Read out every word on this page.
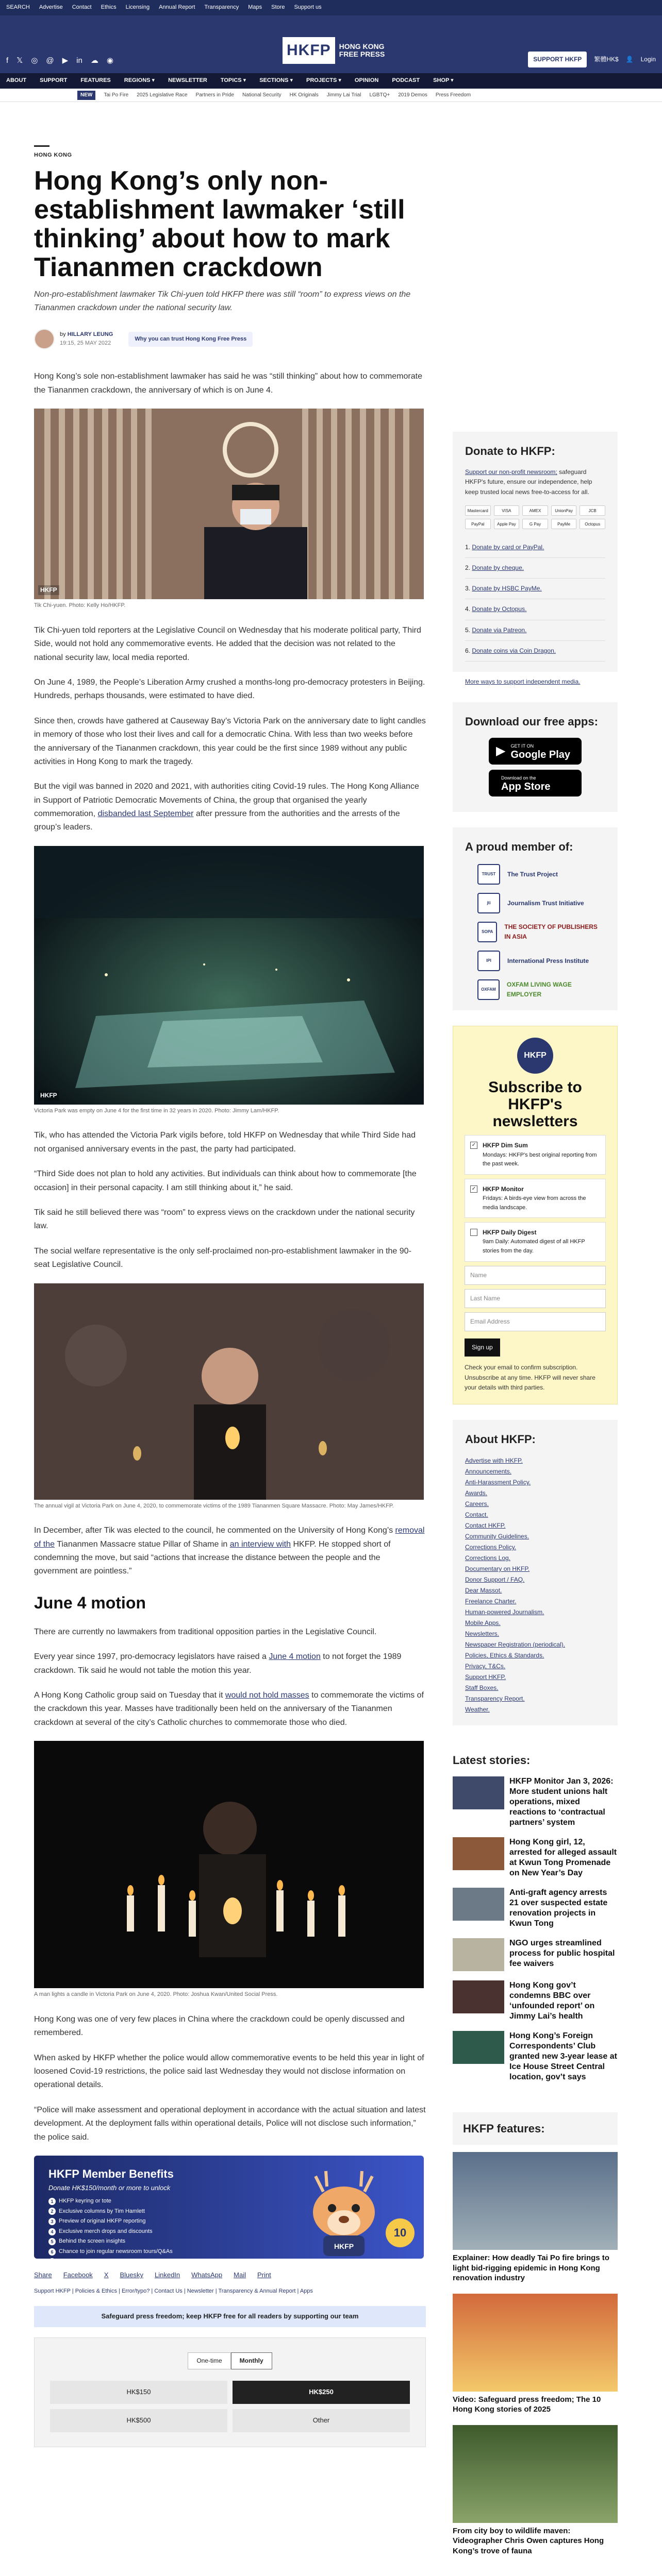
SEARCH Advertise Contact Ethics Licensing Annual Report Transparency Maps Store Support us
f 𝕏 ◎ @ ▶ in ☁ ◉
HKFP	HONG KONG
FREE PRESS
SUPPORT HKFP	繁體HK$ 👤 Login
ABOUT SUPPORT FEATURES REGIONS ▾ NEWSLETTER TOPICS ▾ SECTIONS ▾ PROJECTS ▾ OPINION PODCAST SHOP ▾
NEW	Tai Po Fire 2025 Legislative Race Partners in Pride National Security HK Originals Jimmy Lai Trial LGBTQ+ 2019 Demos Press Freedom
HONG KONG
Hong Kong’s only non-establishment lawmaker ‘still thinking’ about how to mark Tiananmen crackdown
Non-pro-establishment lawmaker Tik Chi-yuen told HKFP there was still “room” to express views on the Tiananmen crackdown under the national security law.
by HILLARY LEUNG
19:15, 25 MAY 2022
Why you can trust Hong Kong Free Press

Hong Kong’s sole non-establishment lawmaker has said he was “still thinking” about how to commemorate the Tiananmen crackdown, the anniversary of which is on June 4.

HKFP
Tik Chi-yuen. Photo: Kelly Ho/HKFP.

Tik Chi-yuen told reporters at the Legislative Council on Wednesday that his moderate political party, Third Side, would not hold any commemorative events. He added that the decision was not related to the national security law, local media reported.

On June 4, 1989, the People’s Liberation Army crushed a months-long pro-democracy protesters in Beijing. Hundreds, perhaps thousands, were estimated to have died.

Since then, crowds have gathered at Causeway Bay’s Victoria Park on the anniversary date to light candles in memory of those who lost their lives and call for a democratic China. With less than two weeks before the anniversary of the Tiananmen crackdown, this year could be the first since 1989 without any public activities in Hong Kong to mark the tragedy.

But the vigil was banned in 2020 and 2021, with authorities citing Covid-19 rules. The Hong Kong Alliance in Support of Patriotic Democratic Movements of China, the group that organised the yearly commemoration, disbanded last September after pressure from the authorities and the arrests of the group’s leaders.

HKFP
Victoria Park was empty on June 4 for the first time in 32 years in 2020. Photo: Jimmy Lam/HKFP.

Tik, who has attended the Victoria Park vigils before, told HKFP on Wednesday that while Third Side had not organised anniversary events in the past, the party had participated.

“Third Side does not plan to hold any activities. But individuals can think about how to commemorate [the occasion] in their personal capacity. I am still thinking about it,” he said.

Tik said he still believed there was “room” to express views on the crackdown under the national security law.

The social welfare representative is the only self-proclaimed non-pro-establishment lawmaker in the 90-seat Legislative Council.

The annual vigil at Victoria Park on June 4, 2020, to commemorate victims of the 1989 Tiananmen Square Massacre. Photo: May James/HKFP.

In December, after Tik was elected to the council, he commented on the University of Hong Kong’s removal of the Tiananmen Massacre statue Pillar of Shame in an interview with HKFP. He stopped short of condemning the move, but said “actions that increase the distance between the people and the government are pointless.”

June 4 motion

There are currently no lawmakers from traditional opposition parties in the Legislative Council.

Every year since 1997, pro-democracy legislators have raised a June 4 motion to not forget the 1989 crackdown. Tik said he would not table the motion this year.

A Hong Kong Catholic group said on Tuesday that it would not hold masses to commemorate the victims of the crackdown this year. Masses have traditionally been held on the anniversary of the Tiananmen crackdown at several of the city’s Catholic churches to commemorate those who died.

A man lights a candle in Victoria Park on June 4, 2020. Photo: Joshua Kwan/United Social Press.

Hong Kong was one of very few places in China where the crackdown could be openly discussed and remembered.

When asked by HKFP whether the police would allow commemorative events to be held this year in light of loosened Covid-19 restrictions, the police said last Wednesday they would not disclose information on operational details.

“Police will make assessment and operational deployment in accordance with the actual situation and latest development. At the deployment falls within operational details, Police will not disclose such information,” the police said.

HKFP Member Benefits
Donate HK$150/month or more to unlock
1 HKFP keyring or tote
2 Exclusive columns by Tim Hamlett
3 Preview of original HKFP reporting
4 Exclusive merch drops and discounts
5 Behind the screen insights
6 Chance to join regular newsroom tours/Q&As
HKFP
10
Share Facebook X Bluesky LinkedIn WhatsApp Mail Print
Support HKFP | Policies & Ethics | Error/typo? | Contact Us | Newsletter | Transparency & Annual Report | Apps
Safeguard press freedom; keep HKFP free for all readers by supporting our team
One-time	Monthly
HK$150	HK$250
HK$500	Other
Donate to HKFP:
Support our non-profit newsroom; safeguard HKFP's future, ensure our independence, help keep trusted local news free-to-access for all.
Mastercard	VISA	AMEX	UnionPay	JCB
PayPal	Apple Pay	G Pay	PayMe	Octopus
1. Donate by card or PayPal.
2. Donate by cheque.
3. Donate by HSBC PayMe.
4. Donate by Octopus.
5. Donate via Patreon.
6. Donate coins via Coin Dragon.
More ways to support independent media.
Download our free apps:
▶ GET IT ON
Google Play
Download on the
App Store
A proud member of:
TRUST	The Trust Project
jti	Journalism Trust Initiative
SOPA
THE SOCIETY OF PUBLISHERS IN ASIA
IPI	International Press Institute
OXFAM
OXFAM LIVING WAGE EMPLOYER
HKFP
Subscribe to HKFP's newsletters
✓ HKFP Dim Sum
Mondays: HKFP's best original reporting from the past week.
✓ HKFP Monitor
Fridays: A birds-eye view from across the media landscape.
HKFP Daily Digest
9am Daily: Automated digest of all HKFP stories from the day.
Name
Last Name
Email Address
Sign up
Check your email to confirm subscription. Unsubscribe at any time. HKFP will never share your details with third parties.
About HKFP:
Advertise with HKFP.
Announcements.
Anti-Harassment Policy.
Awards.
Careers.
Contact.
Contact HKFP.
Community Guidelines.
Corrections Policy.
Corrections Log.
Documentary on HKFP.
Donor Support / FAQ.
Dear Massot.
Freelance Charter.
Human-powered Journalism.
Mobile Apps.
Newsletters.
Newspaper Registration (periodical).
Policies, Ethics & Standards.
Privacy, T&Cs.
Support HKFP.
Staff Boxes.
Transparency Report.
Weather.
Latest stories:
HKFP Monitor Jan 3, 2026: More student unions halt operations, mixed reactions to ‘contractual partners’ system
Hong Kong girl, 12, arrested for alleged assault at Kwun Tong Promenade on New Year’s Day
Anti-graft agency arrests 21 over suspected estate renovation projects in Kwun Tong
NGO urges streamlined process for public hospital fee waivers
Hong Kong gov’t condemns BBC over ‘unfounded report’ on Jimmy Lai’s health
Hong Kong’s Foreign Correspondents’ Club granted new 3-year lease at Ice House Street Central location, gov’t says
HKFP features:
Explainer: How deadly Tai Po fire brings to light bid-rigging epidemic in Hong Kong renovation industry
Video: Safeguard press freedom; The 10 Hong Kong stories of 2025
From city boy to wildlife maven: Videographer Chris Owen captures Hong Kong’s trove of fauna
